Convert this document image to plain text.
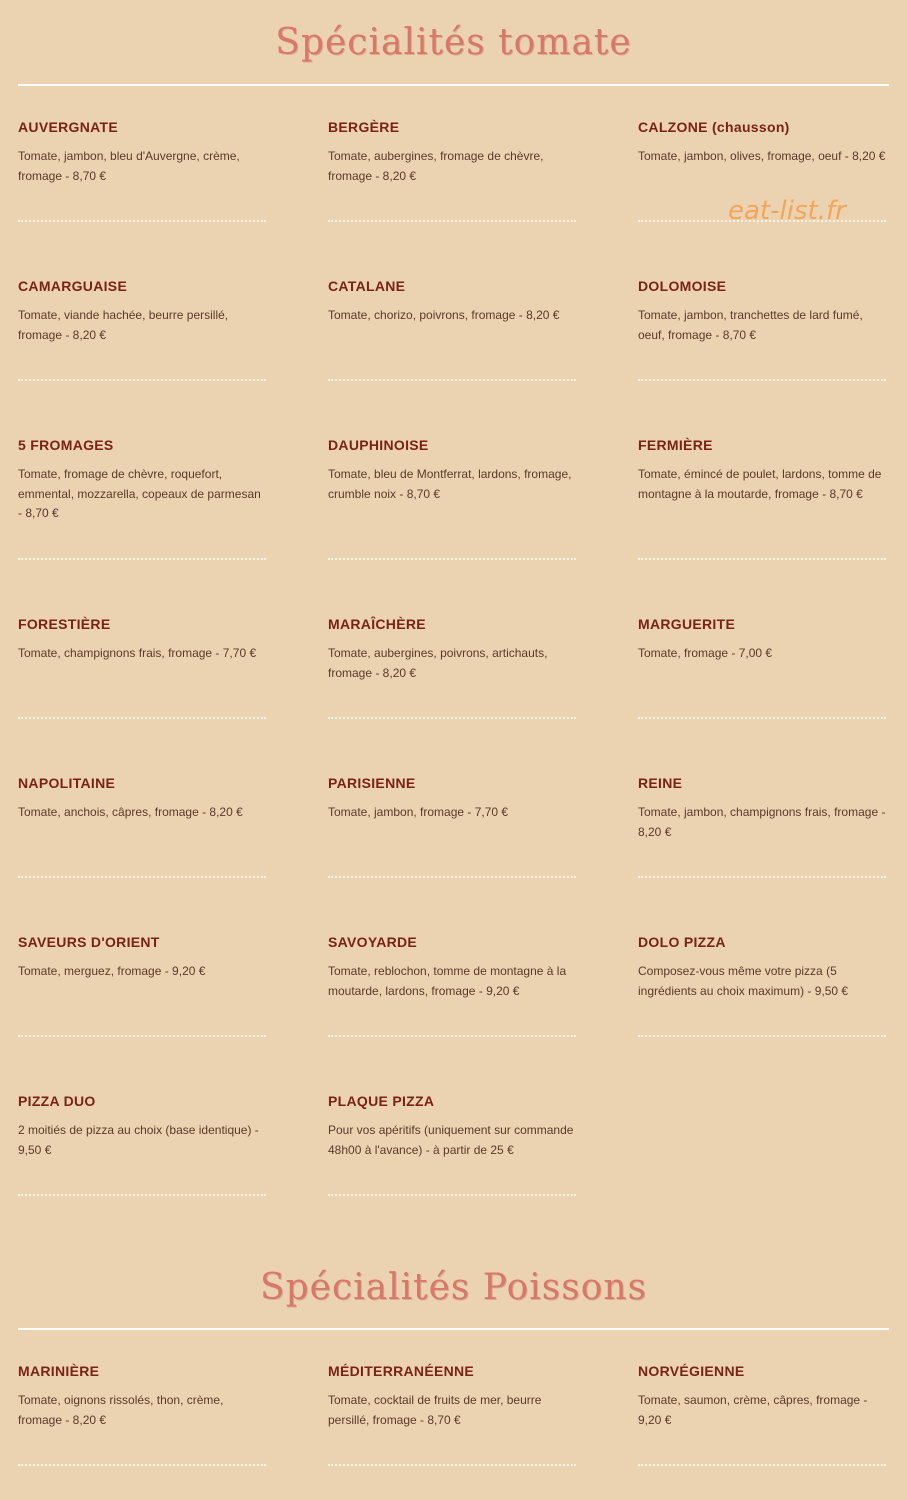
Spécialités tomate
Spécialités Poissons
eat-list.fr
AUVERGNATE
Tomate, jambon, bleu d'Auvergne, crème, fromage - 8,70 €
BERGÈRE
Tomate, aubergines, fromage de chèvre, fromage - 8,20 €
CALZONE (chausson)
Tomate, jambon, olives, fromage, oeuf - 8,20 €
CAMARGUAISE
Tomate, viande hachée, beurre persillé, fromage - 8,20 €
CATALANE
Tomate, chorizo, poivrons, fromage - 8,20 €
DOLOMOISE
Tomate, jambon, tranchettes de lard fumé, oeuf, fromage - 8,70 €
5 FROMAGES
Tomate, fromage de chèvre, roquefort, emmental, mozzarella, copeaux de parmesan - 8,70 €
DAUPHINOISE
Tomate, bleu de Montferrat, lardons, fromage, crumble noix - 8,70 €
FERMIÈRE
Tomate, émincé de poulet, lardons, tomme de montagne à la moutarde, fromage - 8,70 €
FORESTIÈRE
Tomate, champignons frais, fromage - 7,70 €
MARAÎCHÈRE
Tomate, aubergines, poivrons, artichauts, fromage - 8,20 €
MARGUERITE
Tomate, fromage - 7,00 €
NAPOLITAINE
Tomate, anchois, câpres, fromage - 8,20 €
PARISIENNE
Tomate, jambon, fromage - 7,70 €
REINE
Tomate, jambon, champignons frais, fromage - 8,20 €
SAVEURS D'ORIENT
Tomate, merguez, fromage - 9,20 €
SAVOYARDE
Tomate, reblochon, tomme de montagne à la moutarde, lardons, fromage - 9,20 €
DOLO PIZZA
Composez-vous même votre pizza (5 ingrédients au choix maximum) - 9,50 €
PIZZA DUO
2 moitiés de pizza au choix (base identique) - 9,50 €
PLAQUE PIZZA
Pour vos apéritifs (uniquement sur commande 48h00 à l'avance) - à partir de 25 €
MARINIÈRE
Tomate, oignons rissolés, thon, crème, fromage - 8,20 €
MÉDITERRANÉENNE
Tomate, cocktail de fruits de mer, beurre persillé, fromage - 8,70 €
NORVÉGIENNE
Tomate, saumon, crème, câpres, fromage - 9,20 €
